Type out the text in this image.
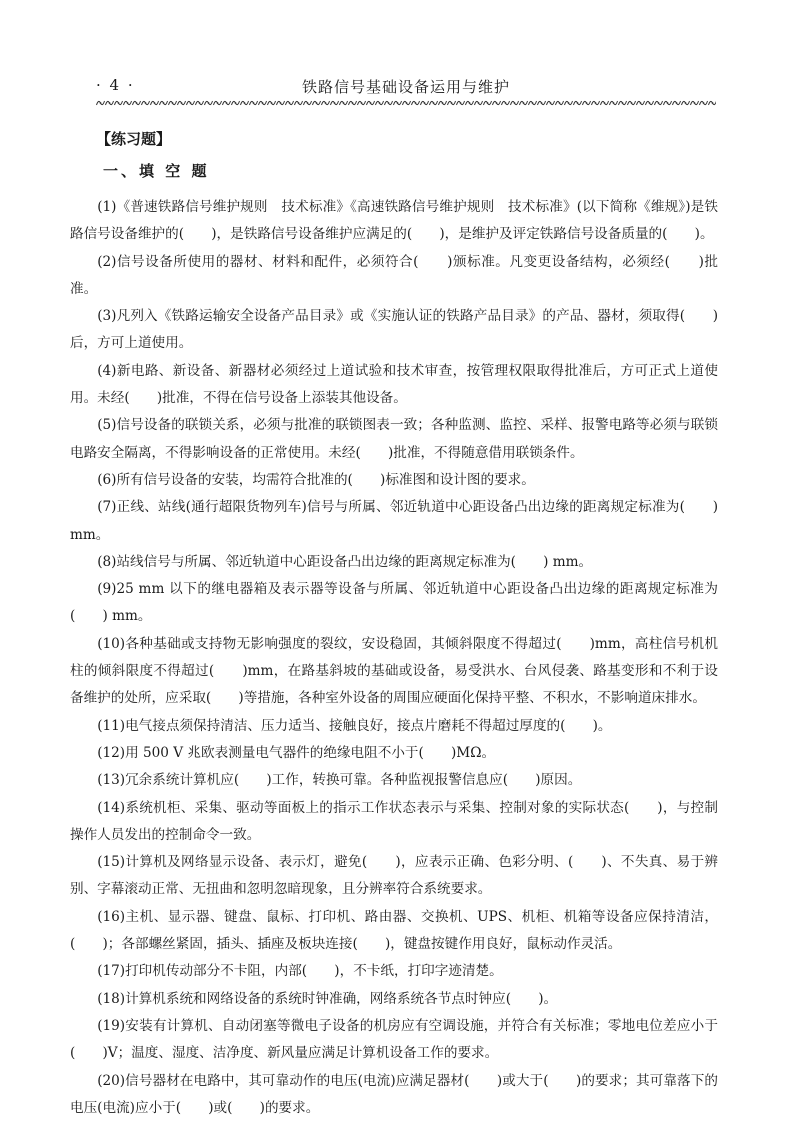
· 4 ·	铁路信号基础设备运用与维护
【练习题】
一、填 空 题

(1)《普速铁路信号维护规则　技术标准》《高速铁路信号维护规则　技术标准》(以下简称《维规》)是铁路信号设备维护的(　　)，是铁路信号设备维护应满足的(　　)，是维护及评定铁路信号设备质量的(　　)。

(2)信号设备所使用的器材、材料和配件，必须符合(　　)颁标准。凡变更设备结构，必须经(　　)批准。

(3)凡列入《铁路运输安全设备产品目录》或《实施认证的铁路产品目录》的产品、器材，须取得(　　)后，方可上道使用。

(4)新电路、新设备、新器材必须经过上道试验和技术审查，按管理权限取得批准后，方可正式上道使用。未经(　　)批准，不得在信号设备上添装其他设备。

(5)信号设备的联锁关系，必须与批准的联锁图表一致；各种监测、监控、采样、报警电路等必须与联锁电路安全隔离，不得影响设备的正常使用。未经(　　)批准，不得随意借用联锁条件。

(6)所有信号设备的安装，均需符合批准的(　　)标准图和设计图的要求。

(7)正线、站线(通行超限货物列车)信号与所属、邻近轨道中心距设备凸出边缘的距离规定标准为(　　) mm。

(8)站线信号与所属、邻近轨道中心距设备凸出边缘的距离规定标准为(　　) mm。

(9)25 mm 以下的继电器箱及表示器等设备与所属、邻近轨道中心距设备凸出边缘的距离规定标准为(　　) mm。

(10)各种基础或支持物无影响强度的裂纹，安设稳固，其倾斜限度不得超过(　　)mm，高柱信号机机柱的倾斜限度不得超过(　　)mm，在路基斜坡的基础或设备，易受洪水、台风侵袭、路基变形和不利于设备维护的处所，应采取(　　)等措施，各种室外设备的周围应硬面化保持平整、不积水，不影响道床排水。

(11)电气接点须保持清洁、压力适当、接触良好，接点片磨耗不得超过厚度的(　　)。

(12)用 500 V 兆欧表测量电气器件的绝缘电阻不小于(　　)MΩ。

(13)冗余系统计算机应(　　)工作，转换可靠。各种监视报警信息应(　　)原因。

(14)系统机柜、采集、驱动等面板上的指示工作状态表示与采集、控制对象的实际状态(　　)，与控制操作人员发出的控制命令一致。

(15)计算机及网络显示设备、表示灯，避免(　　)，应表示正确、色彩分明、(　　)、不失真、易于辨别、字幕滚动正常、无扭曲和忽明忽暗现象，且分辨率符合系统要求。

(16)主机、显示器、键盘、鼠标、打印机、路由器、交换机、UPS、机柜、机箱等设备应保持清洁，(　　)；各部螺丝紧固，插头、插座及板块连接(　　)，键盘按键作用良好，鼠标动作灵活。

(17)打印机传动部分不卡阻，内部(　　)，不卡纸，打印字迹清楚。

(18)计算机系统和网络设备的系统时钟准确，网络系统各节点时钟应(　　)。

(19)安装有计算机、自动闭塞等微电子设备的机房应有空调设施，并符合有关标准；零地电位差应小于(　　)V；温度、湿度、洁净度、新风量应满足计算机设备工作的要求。

(20)信号器材在电路中，其可靠动作的电压(电流)应满足器材(　　)或大于(　　)的要求；其可靠落下的电压(电流)应小于(　　)或(　　)的要求。
